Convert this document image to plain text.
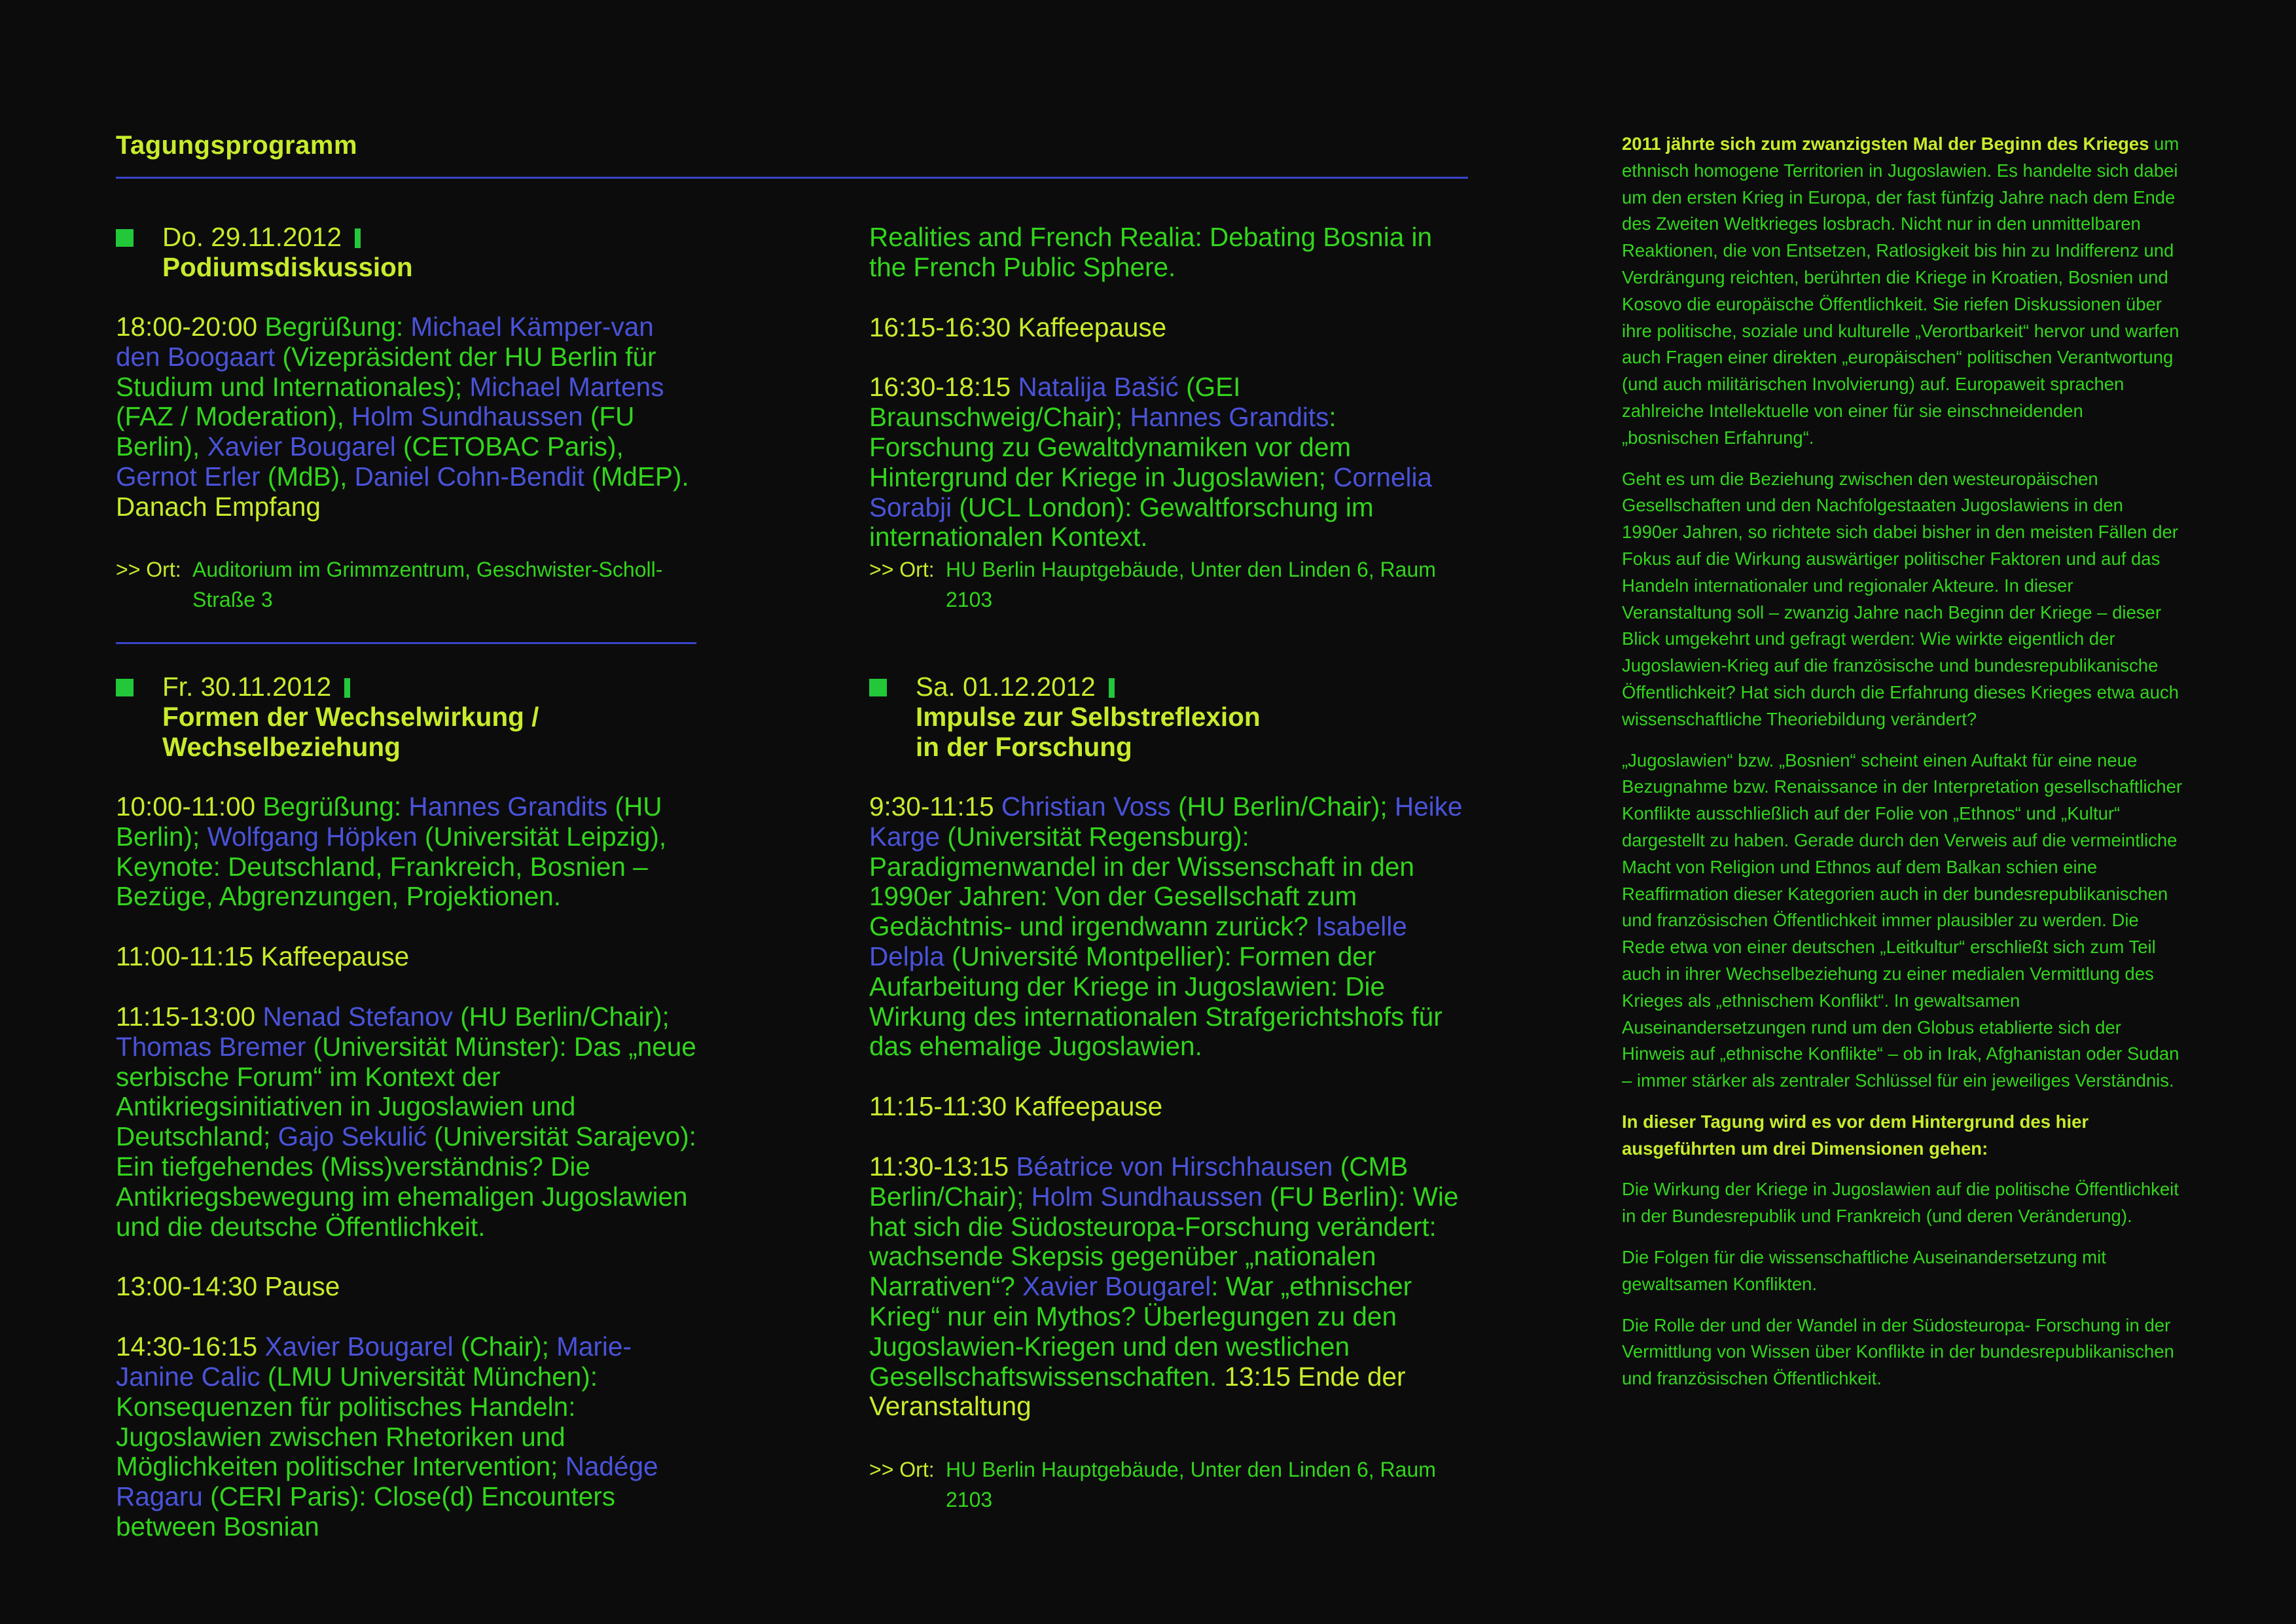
Tagungsprogramm
Do. 29.11.2012
Podiumsdiskussion

18:00-20:00 Begrüßung: Michael Kämper-van den Boogaart (Vizepräsident der HU Berlin für Studium und Internationales); Michael Martens (FAZ / Moderation), Holm Sundhaussen (FU Berlin), Xavier Bougarel (CETOBAC Paris), Gernot Erler (MdB), Daniel Cohn-Bendit (MdEP). Danach Empfang

>> Ort: Auditorium im Grimmzentrum, Geschwister-Scholl-Straße 3
Fr. 30.11.2012
Formen der Wechselwirkung /
Wechselbeziehung

10:00-11:00 Begrüßung: Hannes Grandits (HU Berlin); Wolfgang Höpken (Universität Leipzig), Keynote: Deutschland, Frankreich, Bosnien – Bezüge, Abgrenzungen, Projektionen.

11:00-11:15 Kaffeepause

11:15-13:00 Nenad Stefanov (HU Berlin/Chair); Thomas Bremer (Universität Münster): Das „neue serbische Forum“ im Kontext der Antikriegsinitiativen in Jugoslawien und Deutschland; Gajo Sekulić (Universität Sarajevo): Ein tiefgehendes (Miss)verständnis? Die Antikriegsbewegung im ehemaligen Jugoslawien und die deutsche Öffentlichkeit.

13:00-14:30 Pause

14:30-16:15 Xavier Bougarel (Chair); Marie-Janine Calic (LMU Universität München): Konsequenzen für politisches Handeln: Jugoslawien zwischen Rhetoriken und Möglichkeiten politischer Intervention; Nadége Ragaru (CERI Paris): Close(d) Encounters between Bosnian

Realities and French Realia: Debating Bosnia in the French Public Sphere.

16:15-16:30 Kaffeepause

16:30-18:15 Natalija Bašić (GEI Braunschweig/Chair); Hannes Grandits: Forschung zu Gewaltdynamiken vor dem Hintergrund der Kriege in Jugoslawien; Cornelia Sorabji (UCL London): Gewaltforschung im internationalen Kontext.

>> Ort: HU Berlin Hauptgebäude, Unter den Linden 6, Raum 2103
Sa. 01.12.2012
Impulse zur Selbstreflexion
in der Forschung

9:30-11:15 Christian Voss (HU Berlin/Chair); Heike Karge (Universität Regensburg): Paradigmenwandel in der Wissenschaft in den 1990er Jahren: Von der Gesellschaft zum Gedächtnis- und irgendwann zurück? Isabelle Delpla (Université Montpellier): Formen der Aufarbeitung der Kriege in Jugoslawien: Die Wirkung des internationalen Strafgerichtshofs für das ehemalige Jugoslawien.

11:15-11:30 Kaffeepause

11:30-13:15 Béatrice von Hirschhausen (CMB Berlin/Chair); Holm Sundhaussen (FU Berlin): Wie hat sich die Südosteuropa-Forschung verändert: wachsende Skepsis gegenüber „nationalen Narrativen“? Xavier Bougarel: War „ethnischer Krieg“ nur ein Mythos? Überlegungen zu den Jugoslawien-Kriegen und den westlichen Gesellschaftswissenschaften. 13:15 Ende der Veranstaltung

>> Ort: HU Berlin Hauptgebäude, Unter den Linden 6, Raum 2103

2011 jährte sich zum zwanzigsten Mal der Beginn des Krieges um ethnisch homogene Territorien in Jugoslawien. Es handelte sich dabei um den ersten Krieg in Europa, der fast fünfzig Jahre nach dem Ende des Zweiten Weltkrieges losbrach. Nicht nur in den unmittelbaren Reaktionen, die von Entsetzen, Ratlosigkeit bis hin zu Indifferenz und Verdrängung reichten, berührten die Kriege in Kroatien, Bosnien und Kosovo die europäische Öffentlichkeit. Sie riefen Diskussionen über ihre politische, soziale und kulturelle „Verortbarkeit“ hervor und warfen auch Fragen einer direkten „europäischen“ politischen Verantwortung (und auch militärischen Involvierung) auf. Europaweit sprachen zahlreiche Intellektuelle von einer für sie einschneidenden „bosnischen Erfahrung“.

Geht es um die Beziehung zwischen den westeuropäischen Gesellschaften und den Nachfolgestaaten Jugoslawiens in den 1990er Jahren, so richtete sich dabei bisher in den meisten Fällen der Fokus auf die Wirkung auswärtiger politischer Faktoren und auf das Handeln internationaler und regionaler Akteure. In dieser Veranstaltung soll – zwanzig Jahre nach Beginn der Kriege – dieser Blick umgekehrt und gefragt werden: Wie wirkte eigentlich der Jugoslawien-Krieg auf die französische und bundesrepublikanische Öffentlichkeit? Hat sich durch die Erfahrung dieses Krieges etwa auch wissenschaftliche Theoriebildung verändert?

„Jugoslawien“ bzw. „Bosnien“ scheint einen Auftakt für eine neue Bezugnahme bzw. Renaissance in der Interpretation gesellschaftlicher Konflikte ausschließlich auf der Folie von „Ethnos“ und „Kultur“ dargestellt zu haben. Gerade durch den Verweis auf die vermeintliche Macht von Religion und Ethnos auf dem Balkan schien eine Reaffirmation dieser Kategorien auch in der bundesrepublikanischen und französischen Öffentlichkeit immer plausibler zu werden. Die Rede etwa von einer deutschen „Leitkultur“ erschließt sich zum Teil auch in ihrer Wechselbeziehung zu einer medialen Vermittlung des Krieges als „ethnischem Konflikt“. In gewaltsamen Auseinandersetzungen rund um den Globus etablierte sich der Hinweis auf „ethnische Konflikte“ – ob in Irak, Afghanistan oder Sudan – immer stärker als zentraler Schlüssel für ein jeweiliges Verständnis.

In dieser Tagung wird es vor dem Hintergrund des hier ausgeführten um drei Dimensionen gehen:

Die Wirkung der Kriege in Jugoslawien auf die politische Öffentlichkeit in der Bundesrepublik und Frankreich (und deren Veränderung).

Die Folgen für die wissenschaftliche Auseinandersetzung mit gewaltsamen Konflikten.

Die Rolle der und der Wandel in der Südosteuropa- Forschung in der Vermittlung von Wissen über Konflikte in der bundesrepublikanischen und französischen Öffentlichkeit.
